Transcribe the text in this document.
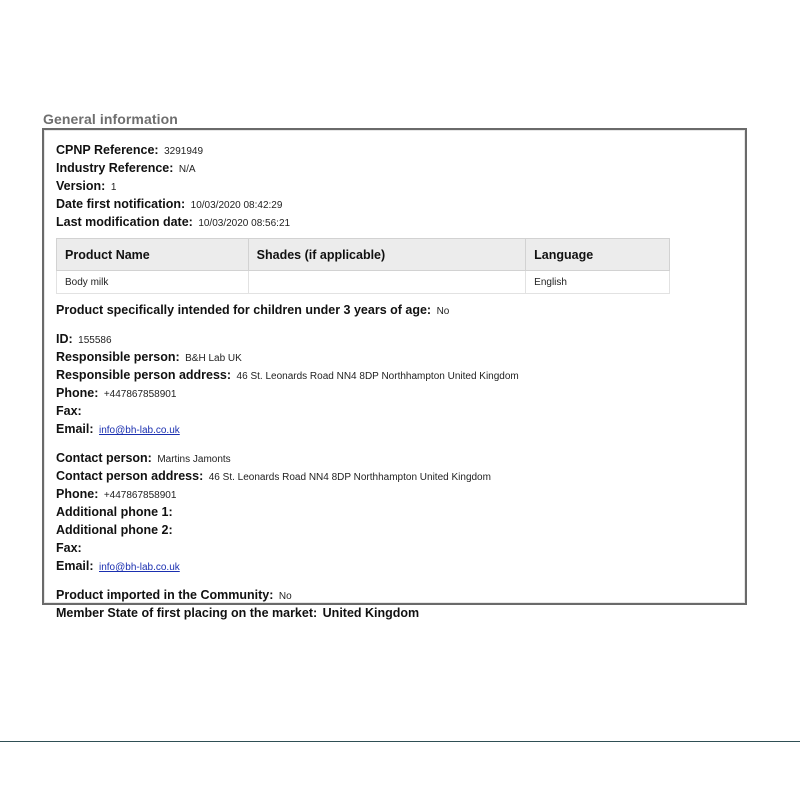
General information
CPNP Reference: 3291949
Industry Reference: N/A
Version: 1
Date first notification: 10/03/2020 08:42:29
Last modification date: 10/03/2020 08:56:21
Product Name	Shades (if applicable)	Language
Body milk		English
Product specifically intended for children under 3 years of age: No
ID: 155586
Responsible person: B&H Lab UK
Responsible person address: 46 St. Leonards Road NN4 8DP Northhampton United Kingdom
Phone: +447867858901
Fax:
Email: info@bh-lab.co.uk
Contact person: Martins Jamonts
Contact person address: 46 St. Leonards Road NN4 8DP Northhampton United Kingdom
Phone: +447867858901
Additional phone 1:
Additional phone 2:
Fax:
Email: info@bh-lab.co.uk
Product imported in the Community: No
Member State of first placing on the market: United Kingdom
